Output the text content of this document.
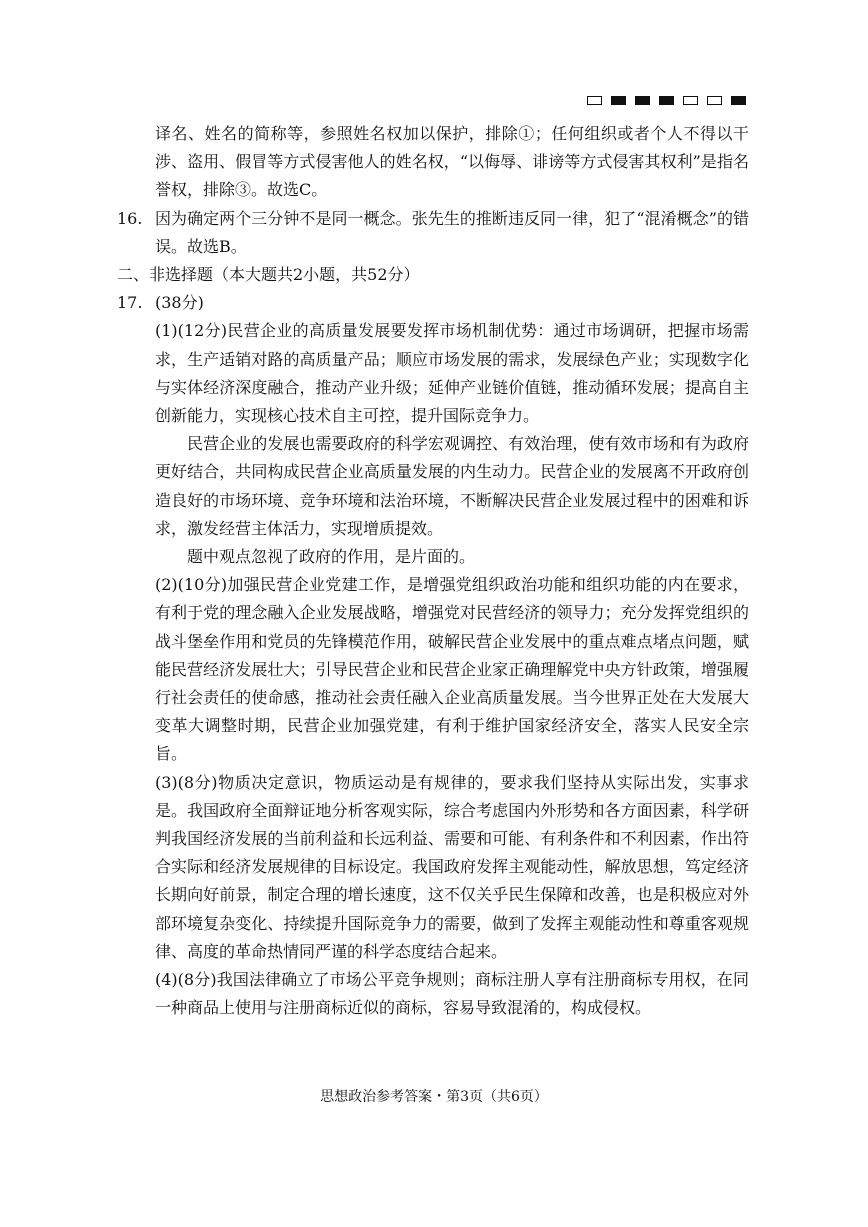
译名、姓名的简称等，参照姓名权加以保护，排除①；任何组织或者个人不得以干涉、盗用、假冒等方式侵害他人的姓名权，“以侮辱、诽谤等方式侵害其权利”是指名誉权，排除③。故选C。

16. 因为确定两个三分钟不是同一概念。张先生的推断违反同一律，犯了“混淆概念”的错误。故选B。

二、非选择题（本大题共2小题，共52分）

17. (38分)

(1)(12分)民营企业的高质量发展要发挥市场机制优势：通过市场调研，把握市场需求，生产适销对路的高质量产品；顺应市场发展的需求，发展绿色产业；实现数字化与实体经济深度融合，推动产业升级；延伸产业链价值链，推动循环发展；提高自主创新能力，实现核心技术自主可控，提升国际竞争力。

民营企业的发展也需要政府的科学宏观调控、有效治理，使有效市场和有为政府更好结合，共同构成民营企业高质量发展的内生动力。民营企业的发展离不开政府创造良好的市场环境、竞争环境和法治环境，不断解决民营企业发展过程中的困难和诉求，激发经营主体活力，实现增质提效。

题中观点忽视了政府的作用，是片面的。

(2)(10分)加强民营企业党建工作，是增强党组织政治功能和组织功能的内在要求，有利于党的理念融入企业发展战略，增强党对民营经济的领导力；充分发挥党组织的战斗堡垒作用和党员的先锋模范作用，破解民营企业发展中的重点难点堵点问题，赋能民营经济发展壮大；引导民营企业和民营企业家正确理解党中央方针政策，增强履行社会责任的使命感，推动社会责任融入企业高质量发展。当今世界正处在大发展大变革大调整时期，民营企业加强党建，有利于维护国家经济安全，落实人民安全宗旨。

(3)(8分)物质决定意识，物质运动是有规律的，要求我们坚持从实际出发，实事求是。我国政府全面辩证地分析客观实际，综合考虑国内外形势和各方面因素，科学研判我国经济发展的当前利益和长远利益、需要和可能、有利条件和不利因素，作出符合实际和经济发展规律的目标设定。我国政府发挥主观能动性，解放思想，笃定经济长期向好前景，制定合理的增长速度，这不仅关乎民生保障和改善，也是积极应对外部环境复杂变化、持续提升国际竞争力的需要，做到了发挥主观能动性和尊重客观规律、高度的革命热情同严谨的科学态度结合起来。

(4)(8分)我国法律确立了市场公平竞争规则；商标注册人享有注册商标专用权，在同一种商品上使用与注册商标近似的商标，容易导致混淆的，构成侵权。

思想政治参考答案・第3页（共6页）
